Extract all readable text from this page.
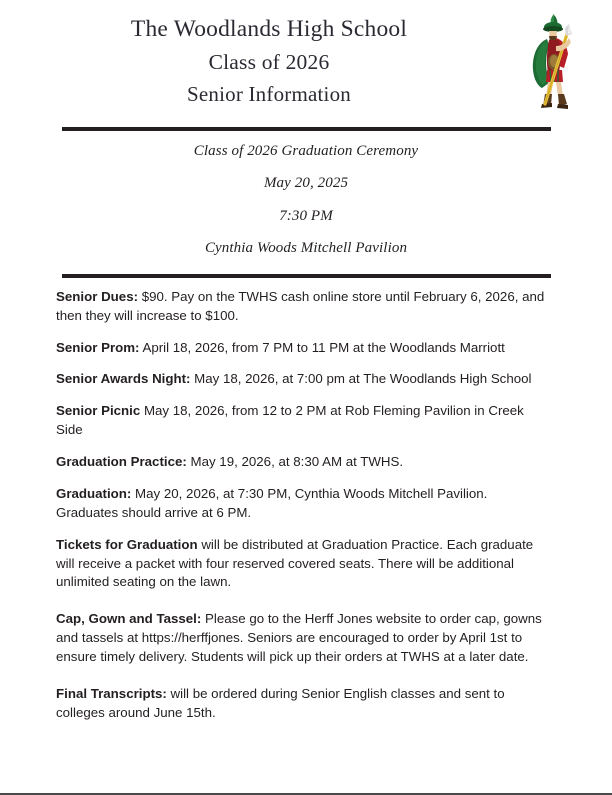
The Woodlands High School
Class of 2026
Senior Information
Class of 2026 Graduation Ceremony
May 20, 2025
7:30 PM
Cynthia Woods Mitchell Pavilion

Senior Dues: $90. Pay on the TWHS cash online store until February 6, 2026, and then they will increase to $100.

Senior Prom: April 18, 2026, from 7 PM to 11 PM at the Woodlands Marriott

Senior Awards Night: May 18, 2026, at 7:00 pm at The Woodlands High School

Senior Picnic May 18, 2026, from 12 to 2 PM at Rob Fleming Pavilion in Creek Side

Graduation Practice: May 19, 2026, at 8:30 AM at TWHS.

Graduation: May 20, 2026, at 7:30 PM, Cynthia Woods Mitchell Pavilion. Graduates should arrive at 6 PM.

Tickets for Graduation will be distributed at Graduation Practice. Each graduate will receive a packet with four reserved covered seats. There will be additional unlimited seating on the lawn.

Cap, Gown and Tassel: Please go to the Herff Jones website to order cap, gowns and tassels at https://herffjones. Seniors are encouraged to order by April 1st to ensure timely delivery. Students will pick up their orders at TWHS at a later date.

Final Transcripts: will be ordered during Senior English classes and sent to colleges around June 15th.
